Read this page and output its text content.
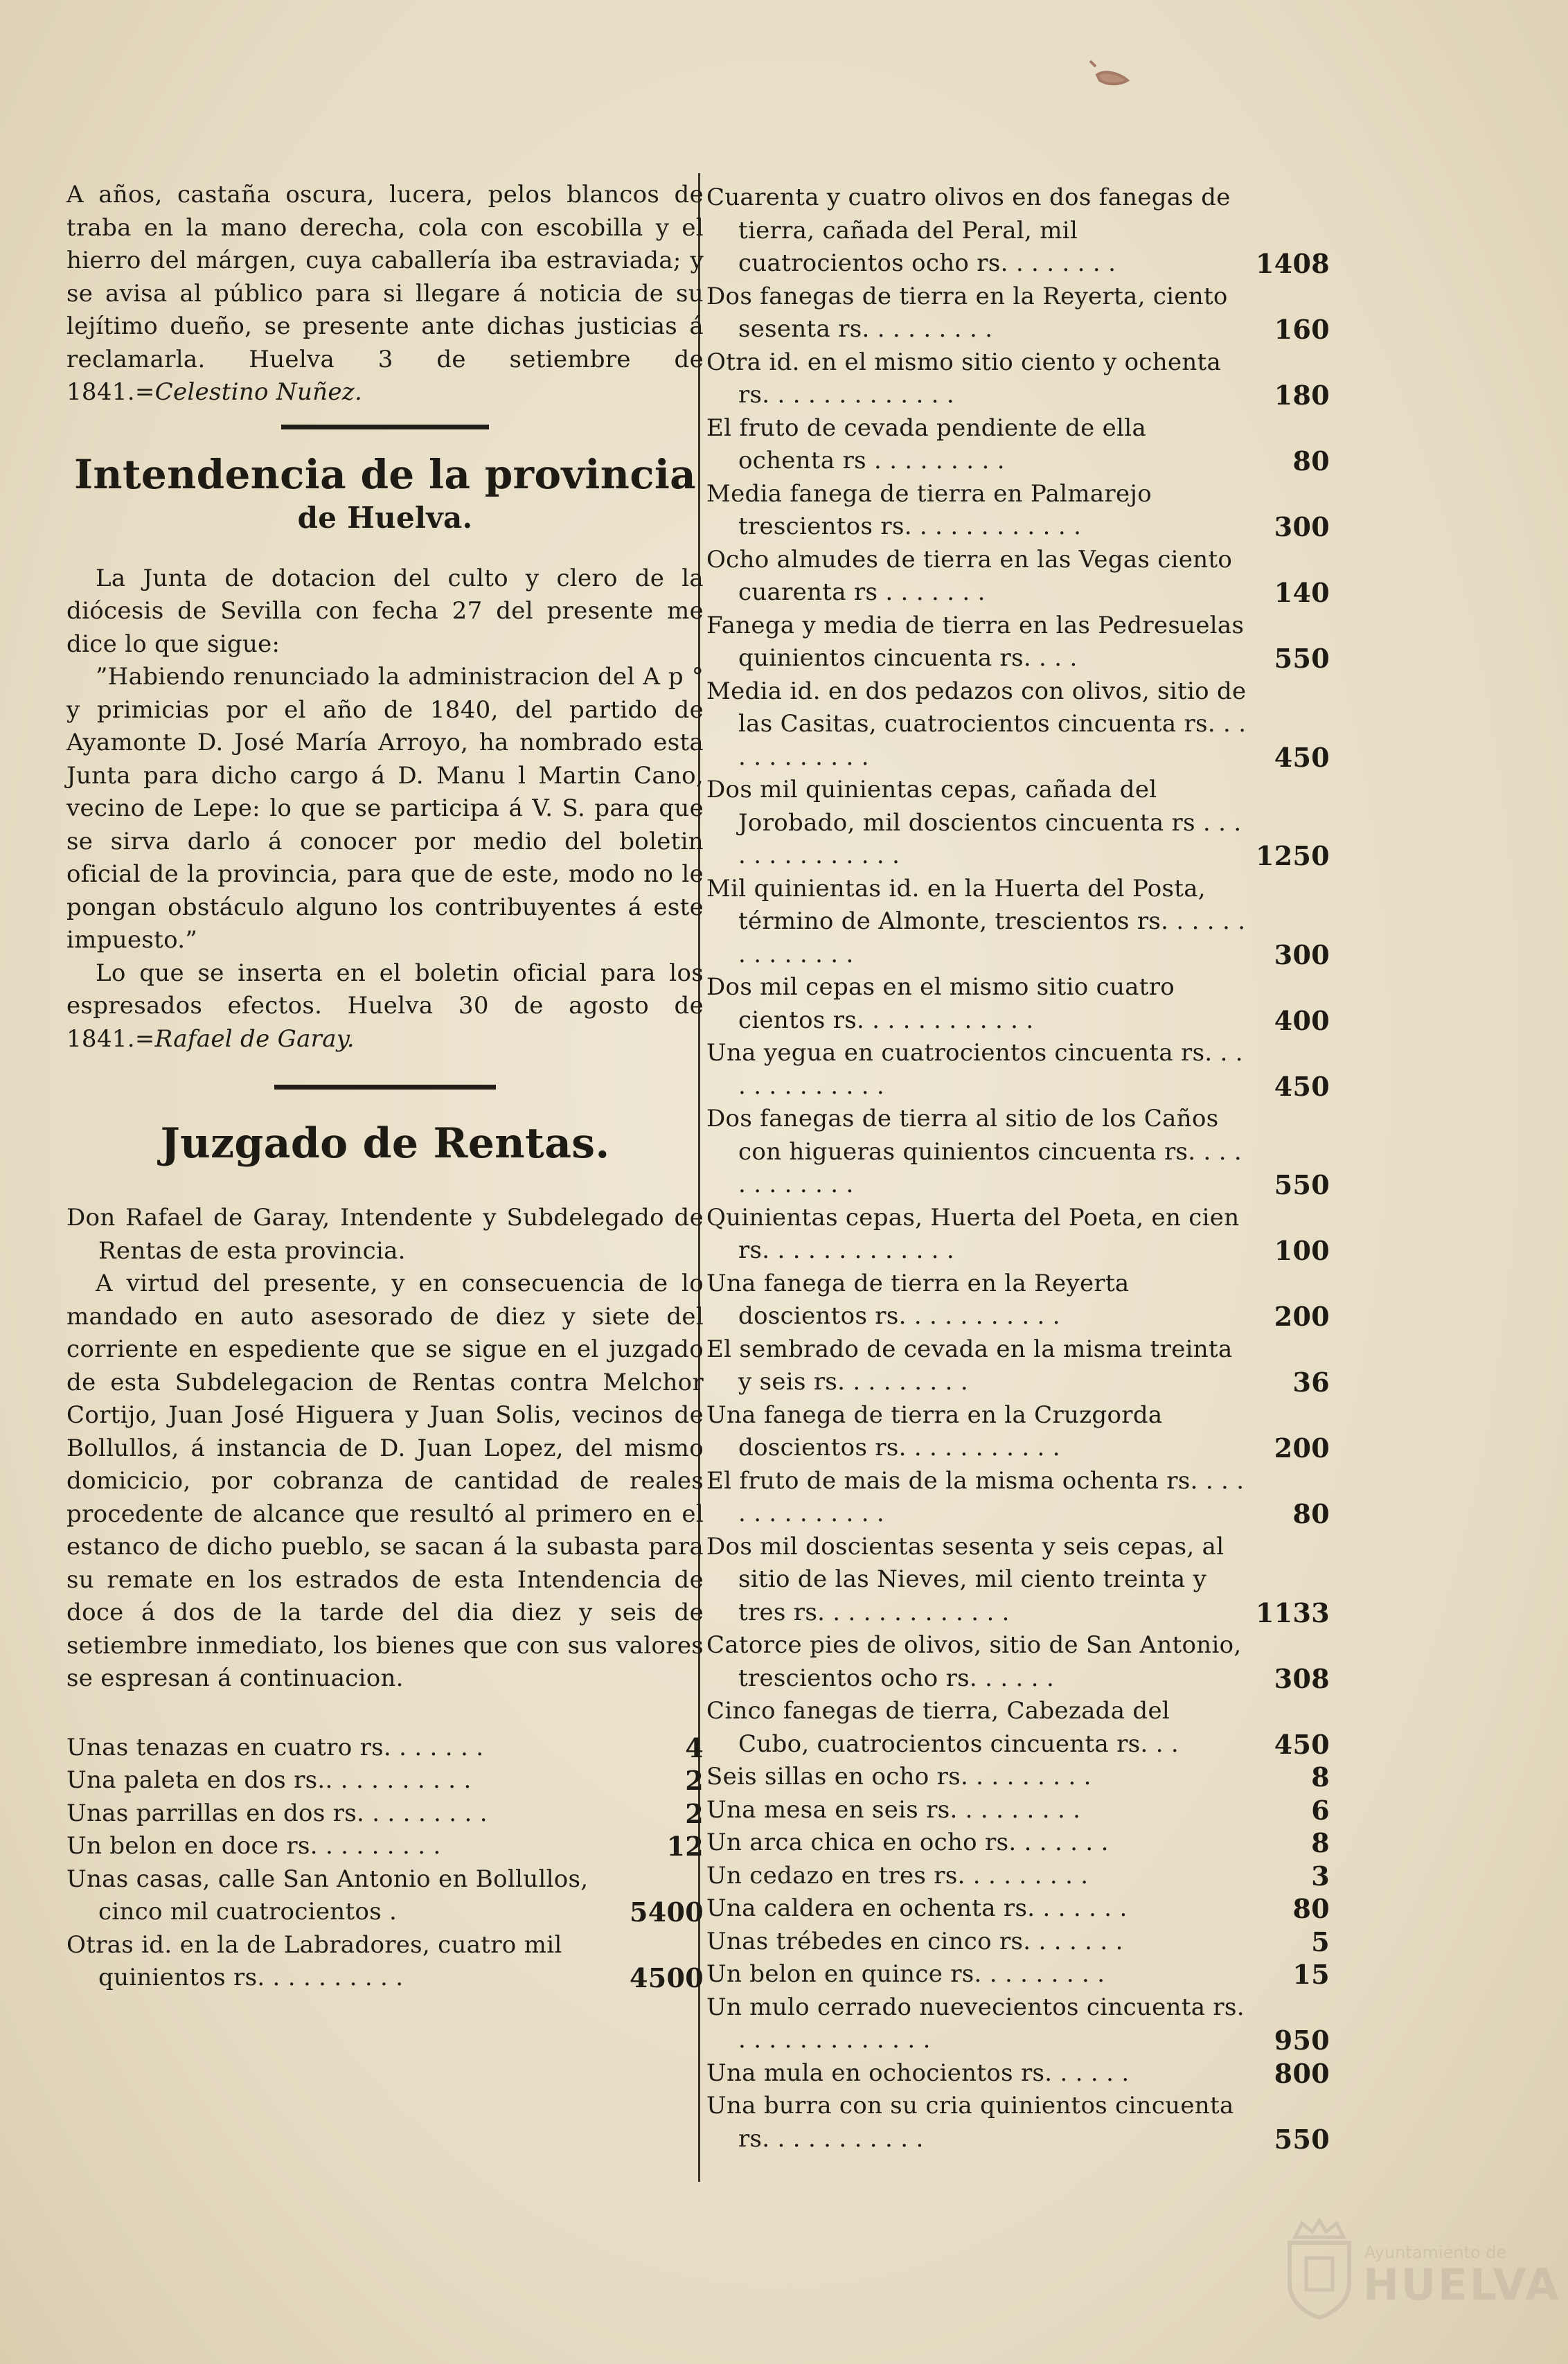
A años, castaña oscura, lucera, pelos blancos de traba en la mano derecha, cola con escobilla y el hierro del márgen, cuya caballería iba estraviada; y se avisa al público para si llegare á noticia de su lejítimo dueño, se presente ante dichas justicias á reclamarla. Huelva 3 de setiembre de 1841.=Celestino Nuñez.

Intendencia de la provincia
de Huelva.

La Junta de dotacion del culto y clero de la diócesis de Sevilla con fecha 27 del presente me dice lo que sigue:

”Habiendo renunciado la administracion del A p ° y primicias por el año de 1840, del partido de Ayamonte D. José María Arroyo, ha nombrado esta Junta para dicho cargo á D. Manu l Martin Cano, vecino de Lepe: lo que se participa á V. S. para que se sirva darlo á conocer por medio del boletin oficial de la provincia, para que de este, modo no le pongan obstáculo alguno los contribuyentes á este impuesto.”

Lo que se inserta en el boletin oficial para los espresados efectos. Huelva 30 de agosto de 1841.=Rafael de Garay.

Juzgado de Rentas.

Don Rafael de Garay, Intendente y Subdelegado de Rentas de esta provincia.

A virtud del presente, y en consecuencia de lo mandado en auto asesorado de diez y siete del corriente en espediente que se sigue en el juzgado de esta Subdelegacion de Rentas contra Melchor Cortijo, Juan José Higuera y Juan Solis, vecinos de Bollullos, á instancia de D. Juan Lopez, del mismo domicicio, por cobranza de cantidad de reales procedente de alcance que resultó al primero en el estanco de dicho pueblo, se sacan á la subasta para su remate en los estrados de esta Intendencia de doce á dos de la tarde del dia diez y seis de setiembre inmediato, los bienes que con sus valores se espresan á continuacion.

Unas tenazas en cuatro rs. . . . . . .	4
Una paleta en dos rs.. . . . . . . . . .	2
Unas parrillas en dos rs. . . . . . . . .	2
Un belon en doce rs. . . . . . . . .	12
Unas casas, calle San Antonio en Bollullos, cinco mil cuatrocientos .	5400
Otras id. en la de Labradores, cuatro mil quinientos rs. . . . . . . . . .	4500
Cuarenta y cuatro olivos en dos fanegas de tierra, cañada del Peral, mil cuatrocientos ocho rs. . . . . . . .	1408
Dos fanegas de tierra en la Reyerta, ciento sesenta rs. . . . . . . . .	160
Otra id. en el mismo sitio ciento y ochenta rs. . . . . . . . . . . . .	180
El fruto de cevada pendiente de ella ochenta rs . . . . . . . . .	80
Media fanega de tierra en Palmarejo trescientos rs. . . . . . . . . . . .	300
Ocho almudes de tierra en las Vegas ciento cuarenta rs . . . . . . .	140
Fanega y media de tierra en las Pedresuelas quinientos cincuenta rs. . . .	550
Media id. en dos pedazos con olivos, sitio de las Casitas, cuatrocientos cincuenta rs. . . . . . . . . . . .	450
Dos mil quinientas cepas, cañada del Jorobado, mil doscientos cincuenta rs . . . . . . . . . . . . . .	1250
Mil quinientas id. en la Huerta del Posta, término de Almonte, trescientos rs. . . . . . . . . . . . . .	300
Dos mil cepas en el mismo sitio cuatro cientos rs. . . . . . . . . . . .	400
Una yegua en cuatrocientos cincuenta rs. . . . . . . . . . . . .	450
Dos fanegas de tierra al sitio de los Caños con higueras quinientos cincuenta rs. . . . . . . . . . . .	550
Quinientas cepas, Huerta del Poeta, en cien rs. . . . . . . . . . . . .	100
Una fanega de tierra en la Reyerta doscientos rs. . . . . . . . . . .	200
El sembrado de cevada en la misma treinta y seis rs. . . . . . . . .	36
Una fanega de tierra en la Cruzgorda doscientos rs. . . . . . . . . . .	200
El fruto de mais de la misma ochenta rs. . . . . . . . . . . . . .	80
Dos mil doscientas sesenta y seis cepas, al sitio de las Nieves, mil ciento treinta y tres rs. . . . . . . . . . . . .	1133
Catorce pies de olivos, sitio de San Antonio, trescientos ocho rs. . . . . .	308
Cinco fanegas de tierra, Cabezada del Cubo, cuatrocientos cincuenta rs. . .	450
Seis sillas en ocho rs. . . . . . . . .	8
Una mesa en seis rs. . . . . . . . .	6
Un arca chica en ocho rs. . . . . . .	8
Un cedazo en tres rs. . . . . . . . .	3
Una caldera en ochenta rs. . . . . . .	80
Unas trébedes en cinco rs. . . . . . .	5
Un belon en quince rs. . . . . . . . .	15
Un mulo cerrado nuevecientos cincuenta rs. . . . . . . . . . . . . .	950
Una mula en ochocientos rs. . . . . .	800
Una burra con su cria quinientos cincuenta rs. . . . . . . . . . .	550
Ayuntamiento de
HUELVA
